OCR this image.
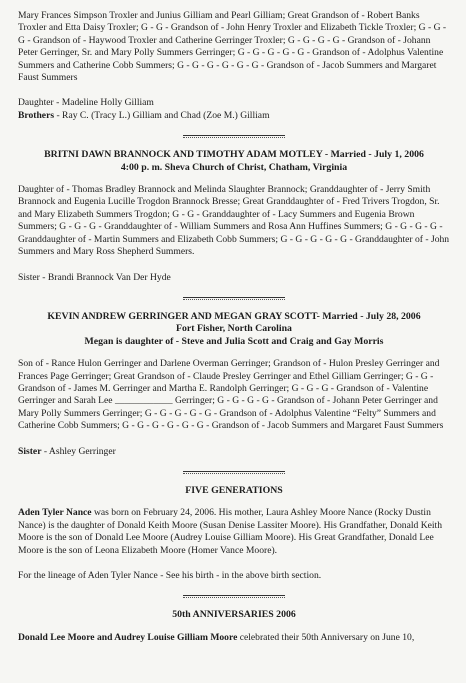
Mary Frances Simpson Troxler and Junius Gilliam and Pearl Gilliam; Great Grandson of - Robert Banks Troxler and Etta Daisy Troxler; G - G - Grandson of - John Henry Troxler and Elizabeth Tickle Troxler; G - G - G - Grandson of - Haywood Troxler and Catherine Gerringer Troxler; G - G - G - G - Grandson of - Johann Peter Gerringer, Sr. and Mary Polly Summers Gerringer; G - G - G - G - G - Grandson of - Adolphus Valentine Summers and Catherine Cobb Summers; G - G - G - G - G - G - Grandson of - Jacob Summers and Margaret Faust Summers

Daughter - Madeline Holly Gilliam

Brothers - Ray C. (Tracy L.) Gilliam and Chad (Zoe M.) Gilliam

BRITNI DAWN BRANNOCK AND TIMOTHY ADAM MOTLEY - Married - July 1, 2006

4:00 p. m. Sheva Church of Christ, Chatham, Virginia

Daughter of - Thomas Bradley Brannock and Melinda Slaughter Brannock; Granddaughter of - Jerry Smith Brannock and Eugenia Lucille Trogdon Brannock Bresse; Great Granddaughter of - Fred Trivers Trogdon, Sr. and Mary Elizabeth Summers Trogdon; G - G - Granddaughter of - Lacy Summers and Eugenia Brown Summers; G - G - G - Granddaughter of - William Summers and Rosa Ann Huffines Summers; G - G - G - G - Granddaughter of - Martin Summers and Elizabeth Cobb Summers; G - G - G - G - G - Granddaughter of - John Summers and Mary Ross Shepherd Summers.

Sister - Brandi Brannock Van Der Hyde

KEVIN ANDREW GERRINGER AND MEGAN GRAY SCOTT- Married - July 28, 2006

Fort Fisher, North Carolina

Megan is daughter of - Steve and Julia Scott and Craig and Gay Morris

Son of - Rance Hulon Gerringer and Darlene Overman Gerringer; Grandson of - Hulon Presley Gerringer and Frances Page Gerringer; Great Grandson of - Claude Presley Gerringer and Ethel Gilliam Gerringer; G - G - Grandson of - James M. Gerringer and Martha E. Randolph Gerringer; G - G - G - Grandson of - Valentine Gerringer and Sarah Lee ____________ Gerringer; G - G - G - G - Grandson of - Johann Peter Gerringer and Mary Polly Summers Gerringer; G - G - G - G - G - Grandson of - Adolphus Valentine “Felty” Summers and Catherine Cobb Summers; G - G - G - G - G - G - Grandson of - Jacob Summers and Margaret Faust Summers

Sister - Ashley Gerringer

FIVE GENERATIONS

Aden Tyler Nance was born on February 24, 2006. His mother, Laura Ashley Moore Nance (Rocky Dustin Nance) is the daughter of Donald Keith Moore (Susan Denise Lassiter Moore). His Grandfather, Donald Keith Moore is the son of Donald Lee Moore (Audrey Louise Gilliam Moore). His Great Grandfather, Donald Lee Moore is the son of Leona Elizabeth Moore (Homer Vance Moore).

For the lineage of Aden Tyler Nance - See his birth - in the above birth section.

50th ANNIVERSARIES 2006

Donald Lee Moore and Audrey Louise Gilliam Moore celebrated their 50th Anniversary on June 10,
